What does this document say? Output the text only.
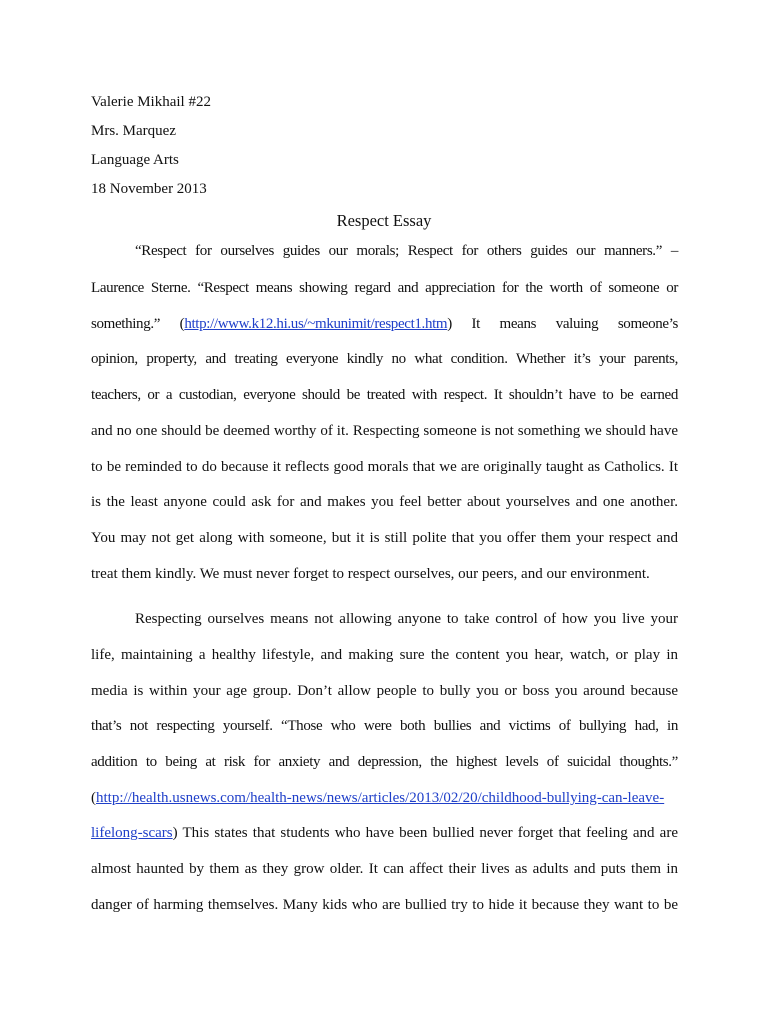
Valerie Mikhail #22
Mrs. Marquez
Language Arts
18 November 2013
Respect Essay
“Respect for ourselves guides our morals; Respect for others guides our manners.” –
Laurence Sterne. “Respect means showing regard and appreciation for the worth of someone or
something.” (http://www.k12.hi.us/~mkunimit/respect1.htm) It means valuing someone’s
opinion, property, and treating everyone kindly no what condition. Whether it’s your parents,
teachers, or a custodian, everyone should be treated with respect. It shouldn’t have to be earned
and no one should be deemed worthy of it. Respecting someone is not something we should have
to be reminded to do because it reflects good morals that we are originally taught as Catholics. It
is the least anyone could ask for and makes you feel better about yourselves and one another.
You may not get along with someone, but it is still polite that you offer them your respect and
treat them kindly. We must never forget to respect ourselves, our peers, and our environment.
Respecting ourselves means not allowing anyone to take control of how you live your
life, maintaining a healthy lifestyle, and making sure the content you hear, watch, or play in
media is within your age group. Don’t allow people to bully you or boss you around because
that’s not respecting yourself. “Those who were both bullies and victims of bullying had, in
addition to being at risk for anxiety and depression, the highest levels of suicidal thoughts.”
(http://health.usnews.com/health-news/news/articles/2013/02/20/childhood-bullying-can-leave-
lifelong-scars) This states that students who have been bullied never forget that feeling and are
almost haunted by them as they grow older. It can affect their lives as adults and puts them in
danger of harming themselves. Many kids who are bullied try to hide it because they want to be
